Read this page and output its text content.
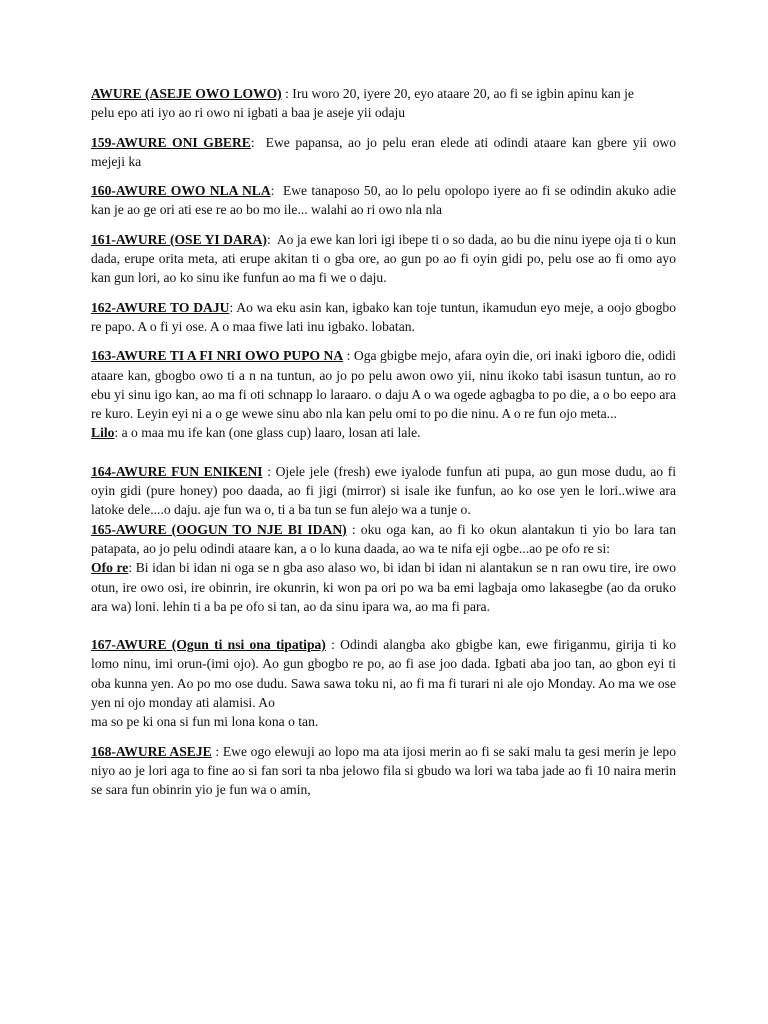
AWURE (ASEJE OWO LOWO) : Iru woro 20, iyere 20, eyo ataare 20, ao fi se igbin apinu kan je
pelu epo ati iyo ao ri owo ni igbati a baa je aseje yii odaju
159-AWURE ONI GBERE:  Ewe papansa, ao jo pelu eran elede ati odindi ataare kan gbere yii owo mejeji ka
160-AWURE OWO NLA NLA:  Ewe tanaposo 50, ao lo pelu opolopo iyere ao fi se odindin akuko adie kan je ao ge ori ati ese re ao bo mo ile... walahi ao ri owo nla nla
161-AWURE (OSE YI DARA):  Ao ja ewe kan lori igi ibepe ti o so dada, ao bu die ninu iyepe oja ti o kun dada, erupe orita meta, ati erupe akitan ti o gba ore, ao gun po ao fi oyin gidi po, pelu ose ao fi omo ayo kan gun lori, ao ko sinu ike funfun ao ma fi we o daju.
162-AWURE TO DAJU: Ao wa eku asin kan, igbako kan toje tuntun, ikamudun eyo meje, a oojo gbogbo re papo. A o fi yi ose. A o maa fiwe lati inu igbako. lobatan.
163-AWURE TI A FI NRI OWO PUPO NA : Oga gbigbe mejo, afara oyin die, ori inaki igboro die, odidi ataare kan, gbogbo owo ti a n na tuntun, ao jo po pelu awon owo yii, ninu ikoko tabi isasun tuntun, ao ro ebu yi sinu igo kan, ao ma fi oti schnapp lo laraaro. o daju A o wa ogede agbagba to po die, a o bo eepo ara re kuro. Leyin eyi ni a o ge wewe sinu abo nla kan pelu omi to po die ninu. A o re fun ojo meta...
Lilo: a o maa mu ife kan (one glass cup) laaro, losan ati lale.
164-AWURE FUN ENIKENI : Ojele jele (fresh) ewe iyalode funfun ati pupa, ao gun mose dudu, ao fi oyin gidi (pure honey) poo daada, ao fi jigi (mirror) si isale ike funfun, ao ko ose yen le lori..wiwe ara latoke dele....o daju. aje fun wa o, ti a ba tun se fun alejo wa a tunje o.
165-AWURE (OOGUN TO NJE BI IDAN) : oku oga kan, ao fi ko okun alantakun ti yio bo lara tan patapata, ao jo pelu odindi ataare kan, a o lo kuna daada, ao wa te nifa eji ogbe...ao pe ofo re si:
Ofo re: Bi idan bi idan ni oga se n gba aso alaso wo, bi idan bi idan ni alantakun se n ran owu tire, ire owo otun, ire owo osi, ire obinrin, ire okunrin, ki won pa ori po wa ba emi lagbaja omo lakasegbe (ao da oruko ara wa) loni. lehin ti a ba pe ofo si tan, ao da sinu ipara wa, ao ma fi para.
167-AWURE (Ogun ti nsi ona tipatipa) : Odindi alangba ako gbigbe kan, ewe firiganmu, girija ti ko lomo ninu, imi orun-(imi ojo). Ao gun gbogbo re po, ao fi ase joo dada. Igbati aba joo tan, ao gbon eyi ti oba kunna yen. Ao po mo ose dudu. Sawa sawa toku ni, ao fi ma fi turari ni ale ojo Monday. Ao ma we ose yen ni ojo monday ati alamisi. Ao
ma so pe ki ona si fun mi lona kona o tan.
168-AWURE ASEJE : Ewe ogo elewuji ao lopo ma ata ijosi merin ao fi se saki malu ta gesi merin je lepo niyo ao je lori aga to fine ao si fan sori ta nba jelowo fila si gbudo wa lori wa taba jade ao fi 10 naira merin se sara fun obinrin yio je fun wa o amin,
